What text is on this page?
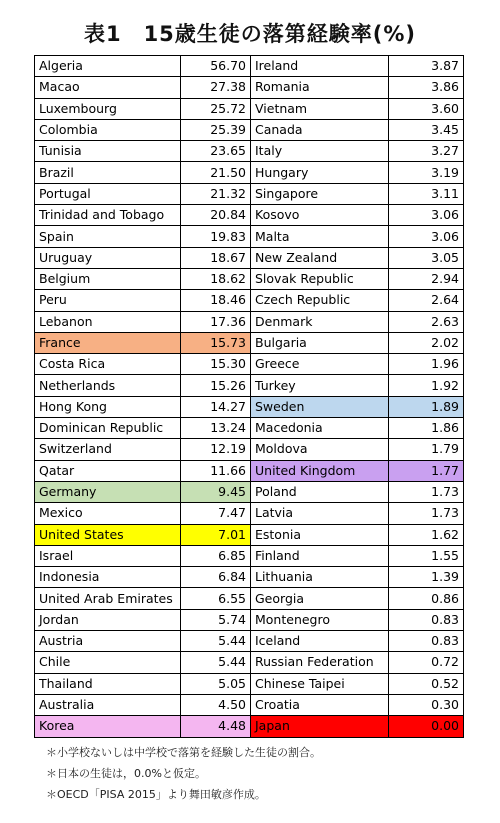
表1　15歳生徒の落第経験率(%)
Algeria	56.70	Ireland	3.87
Macao	27.38	Romania	3.86
Luxembourg	25.72	Vietnam	3.60
Colombia	25.39	Canada	3.45
Tunisia	23.65	Italy	3.27
Brazil	21.50	Hungary	3.19
Portugal	21.32	Singapore	3.11
Trinidad and Tobago	20.84	Kosovo	3.06
Spain	19.83	Malta	3.06
Uruguay	18.67	New Zealand	3.05
Belgium	18.62	Slovak Republic	2.94
Peru	18.46	Czech Republic	2.64
Lebanon	17.36	Denmark	2.63
France	15.73	Bulgaria	2.02
Costa Rica	15.30	Greece	1.96
Netherlands	15.26	Turkey	1.92
Hong Kong	14.27	Sweden	1.89
Dominican Republic	13.24	Macedonia	1.86
Switzerland	12.19	Moldova	1.79
Qatar	11.66	United Kingdom	1.77
Germany	9.45	Poland	1.73
Mexico	7.47	Latvia	1.73
United States	7.01	Estonia	1.62
Israel	6.85	Finland	1.55
Indonesia	6.84	Lithuania	1.39
United Arab Emirates	6.55	Georgia	0.86
Jordan	5.74	Montenegro	0.83
Austria	5.44	Iceland	0.83
Chile	5.44	Russian Federation	0.72
Thailand	5.05	Chinese Taipei	0.52
Australia	4.50	Croatia	0.30
Korea	4.48	Japan	0.00
＊小学校ないしは中学校で落第を経験した生徒の割合。
＊日本の生徒は，0.0%と仮定。
＊OECD「PISA 2015」より舞田敏彦作成。
